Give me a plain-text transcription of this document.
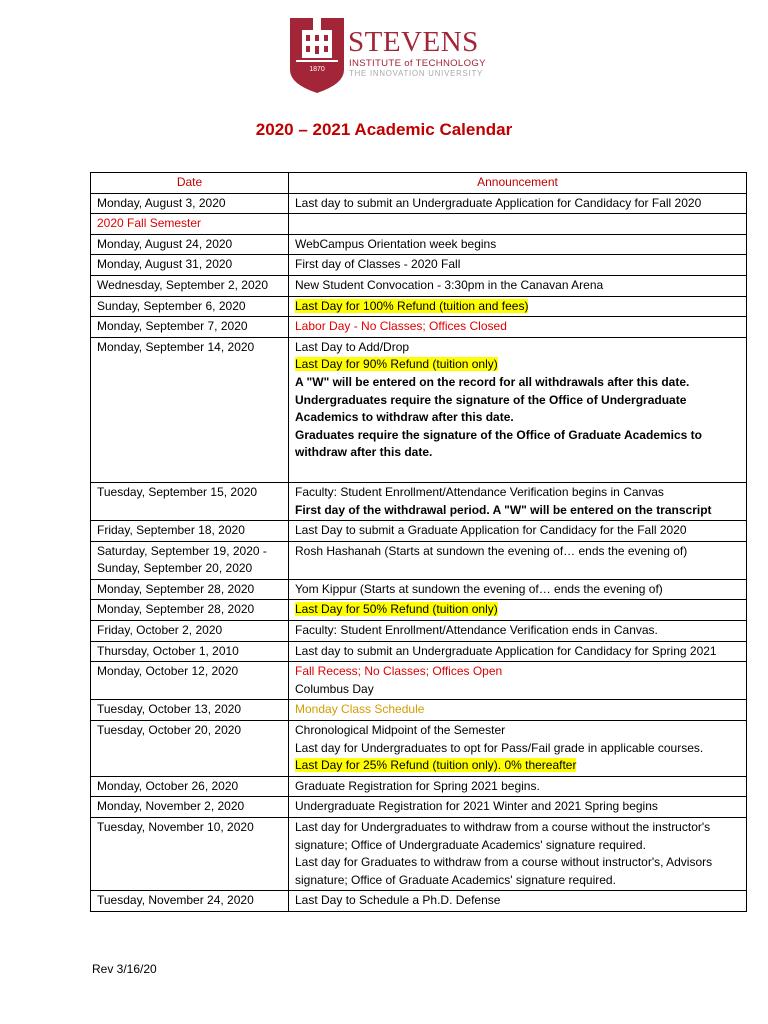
1870
STEVENS
INSTITUTE of TECHNOLOGY
THE INNOVATION UNIVERSITY
2020 – 2021 Academic Calendar
Date	Announcement
Monday, August 3, 2020	Last day to submit an Undergraduate Application for Candidacy for Fall 2020

2020 Fall Semester	
Monday, August 24, 2020	WebCampus Orientation week begins

Monday, August 31, 2020	First day of Classes - 2020 Fall

Wednesday, September 2, 2020	New Student Convocation - 3:30pm in the Canavan Arena

Sunday, September 6, 2020	Last Day for 100% Refund (tuition and fees)

Monday, September 7, 2020	Labor Day - No Classes; Offices Closed

Monday, September 14, 2020	Last Day to Add/Drop
Last Day for 90% Refund (tuition only)
A "W" will be entered on the record for all withdrawals after this date.
Undergraduates require the signature of the Office of Undergraduate Academics to withdraw after this date.
Graduates require the signature of the Office of Graduate Academics to withdraw after this date.

Tuesday, September 15, 2020	Faculty: Student Enrollment/Attendance Verification begins in Canvas
First day of the withdrawal period. A "W" will be entered on the transcript

Friday, September 18, 2020	Last Day to submit a Graduate Application for Candidacy for the Fall 2020

Saturday, September 19, 2020 - Sunday, September 20, 2020	Rosh Hashanah (Starts at sundown the evening of… ends the evening of)

Monday, September 28, 2020	Yom Kippur (Starts at sundown the evening of… ends the evening of)

Monday, September 28, 2020	Last Day for 50% Refund (tuition only)

Friday, October 2, 2020	Faculty: Student Enrollment/Attendance Verification ends in Canvas.

Thursday, October 1, 2010	Last day to submit an Undergraduate Application for Candidacy for Spring 2021

Monday, October 12, 2020	Fall Recess; No Classes; Offices Open
Columbus Day

Tuesday, October 13, 2020	Monday Class Schedule

Tuesday, October 20, 2020	Chronological Midpoint of the Semester
Last day for Undergraduates to opt for Pass/Fail grade in applicable courses.
Last Day for 25% Refund (tuition only). 0% thereafter

Monday, October 26, 2020	Graduate Registration for Spring 2021 begins.

Monday, November 2, 2020	Undergraduate Registration for 2021 Winter and 2021 Spring begins

Tuesday, November 10, 2020	Last day for Undergraduates to withdraw from a course without the instructor's signature; Office of Undergraduate Academics' signature required.
Last day for Graduates to withdraw from a course without instructor's, Advisors signature; Office of Graduate Academics' signature required.

Tuesday, November 24, 2020	Last Day to Schedule a Ph.D. Defense
Rev 3/16/20
